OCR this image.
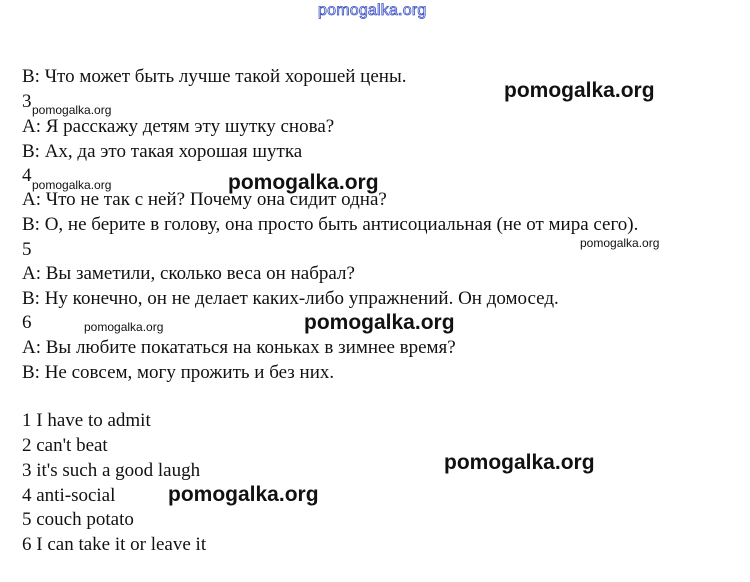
pomogalka.org
В: Что может быть лучше такой хорошей цены.
3
А: Я расскажу детям эту шутку снова?
В: Ах, да это такая хорошая шутка
4
А: Что не так с ней? Почему она сидит одна?
В: О, не берите в голову, она просто быть антисоциальная (не от мира сего).
5
А: Вы заметили, сколько веса он набрал?
В: Ну конечно, он не делает каких-либо упражнений. Он домосед.
6
А: Вы любите покататься на коньках в зимнее время?
В: Не совсем, могу прожить и без них.
1 I have to admit
2 can't beat
3 it's such a good laugh
4 anti-social
5 couch potato
6 I can take it or leave it
pomogalka.org
pomogalka.org
pomogalka.org	pomogalka.org
pomogalka.org
pomogalka.org	pomogalka.org
pomogalka.org
pomogalka.org
